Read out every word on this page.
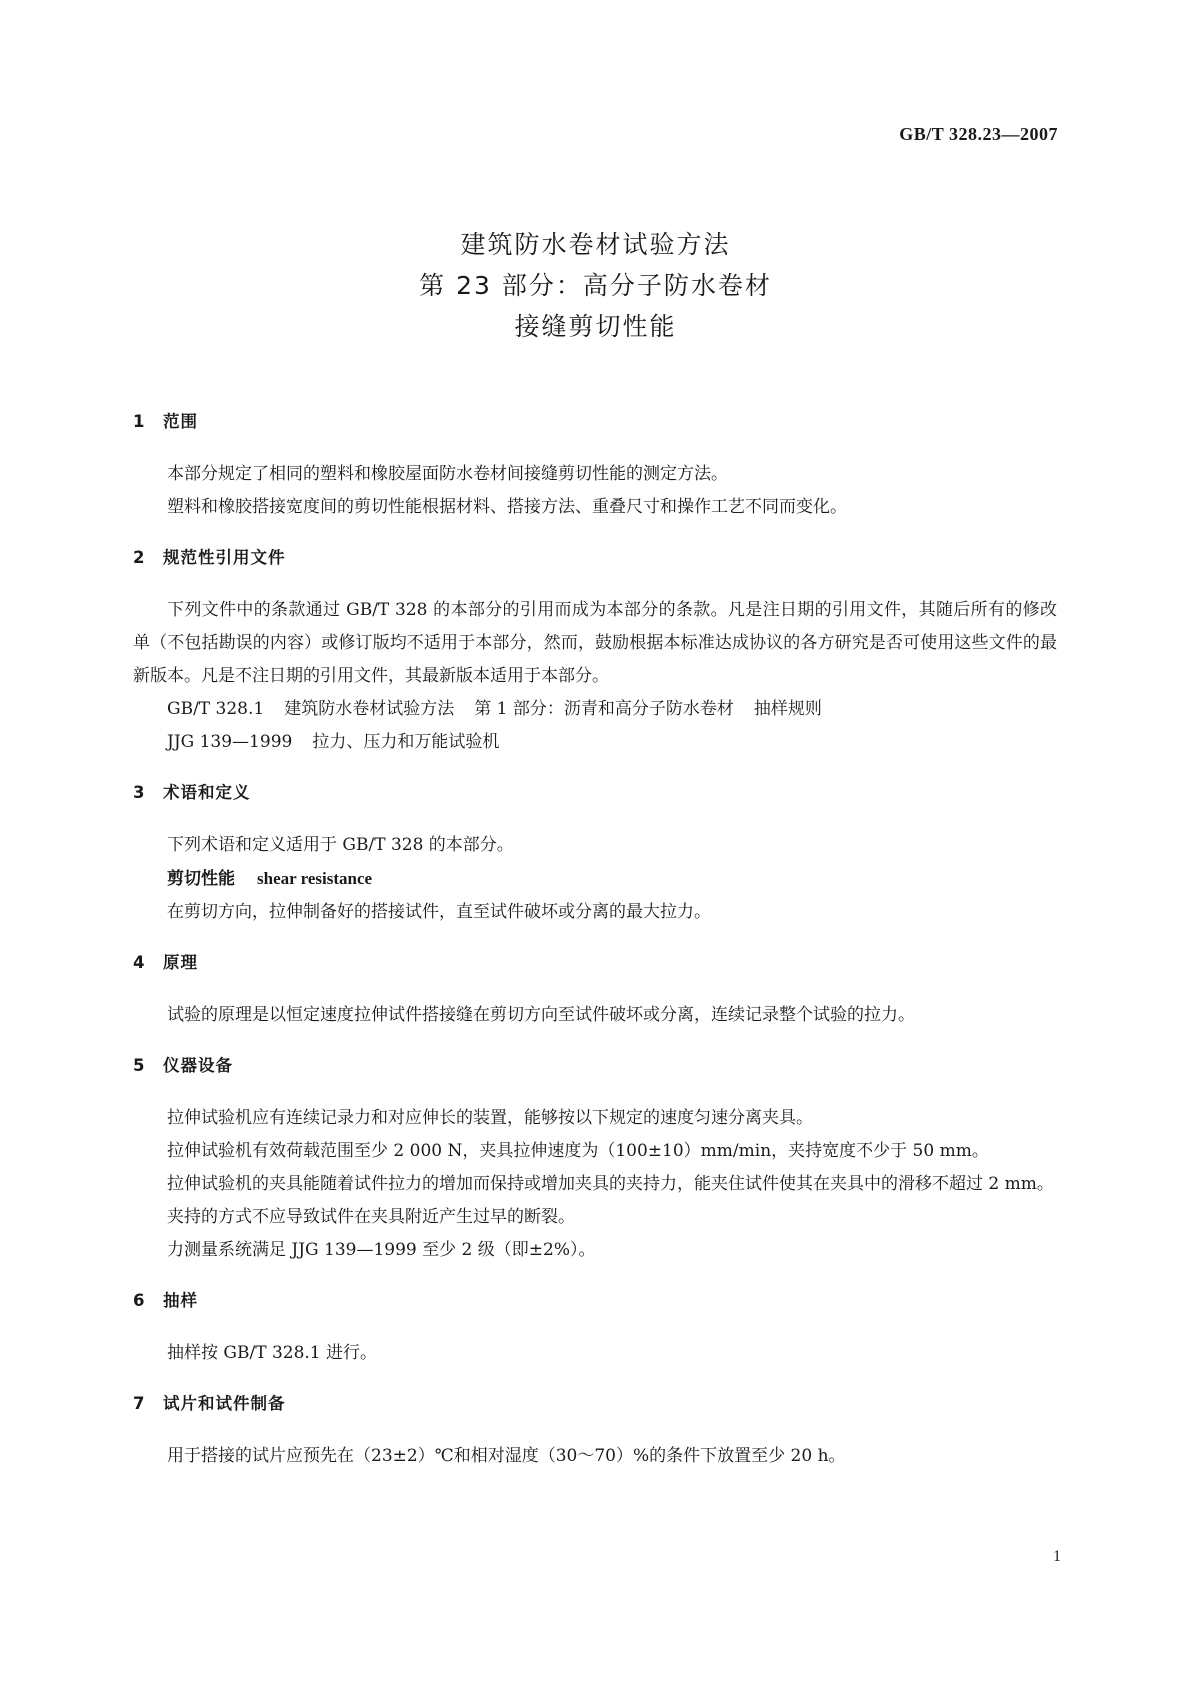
GB/T 328.23—2007
建筑防水卷材试验方法
第 23 部分：高分子防水卷材
接缝剪切性能
1 范围

本部分规定了相同的塑料和橡胶屋面防水卷材间接缝剪切性能的测定方法。

塑料和橡胶搭接宽度间的剪切性能根据材料、搭接方法、重叠尺寸和操作工艺不同而变化。

2 规范性引用文件

下列文件中的条款通过 GB/T 328 的本部分的引用而成为本部分的条款。凡是注日期的引用文件，其随后所有的修改单（不包括勘误的内容）或修订版均不适用于本部分，然而，鼓励根据本标准达成协议的各方研究是否可使用这些文件的最新版本。凡是不注日期的引用文件，其最新版本适用于本部分。

GB/T 328.1 建筑防水卷材试验方法 第 1 部分：沥青和高分子防水卷材 抽样规则
JJG 139—1999 拉力、压力和万能试验机
3 术语和定义

下列术语和定义适用于 GB/T 328 的本部分。

剪切性能 shear resistance

在剪切方向，拉伸制备好的搭接试件，直至试件破坏或分离的最大拉力。

4 原理

试验的原理是以恒定速度拉伸试件搭接缝在剪切方向至试件破坏或分离，连续记录整个试验的拉力。

5 仪器设备

拉伸试验机应有连续记录力和对应伸长的装置，能够按以下规定的速度匀速分离夹具。

拉伸试验机有效荷载范围至少 2 000 N，夹具拉伸速度为（100±10）mm/min，夹持宽度不少于 50 mm。

拉伸试验机的夹具能随着试件拉力的增加而保持或增加夹具的夹持力，能夹住试件使其在夹具中的滑移不超过 2 mm。

夹持的方式不应导致试件在夹具附近产生过早的断裂。

力测量系统满足 JJG 139—1999 至少 2 级（即±2%）。

6 抽样

抽样按 GB/T 328.1 进行。

7 试片和试件制备

用于搭接的试片应预先在（23±2）℃和相对湿度（30～70）%的条件下放置至少 20 h。

1
